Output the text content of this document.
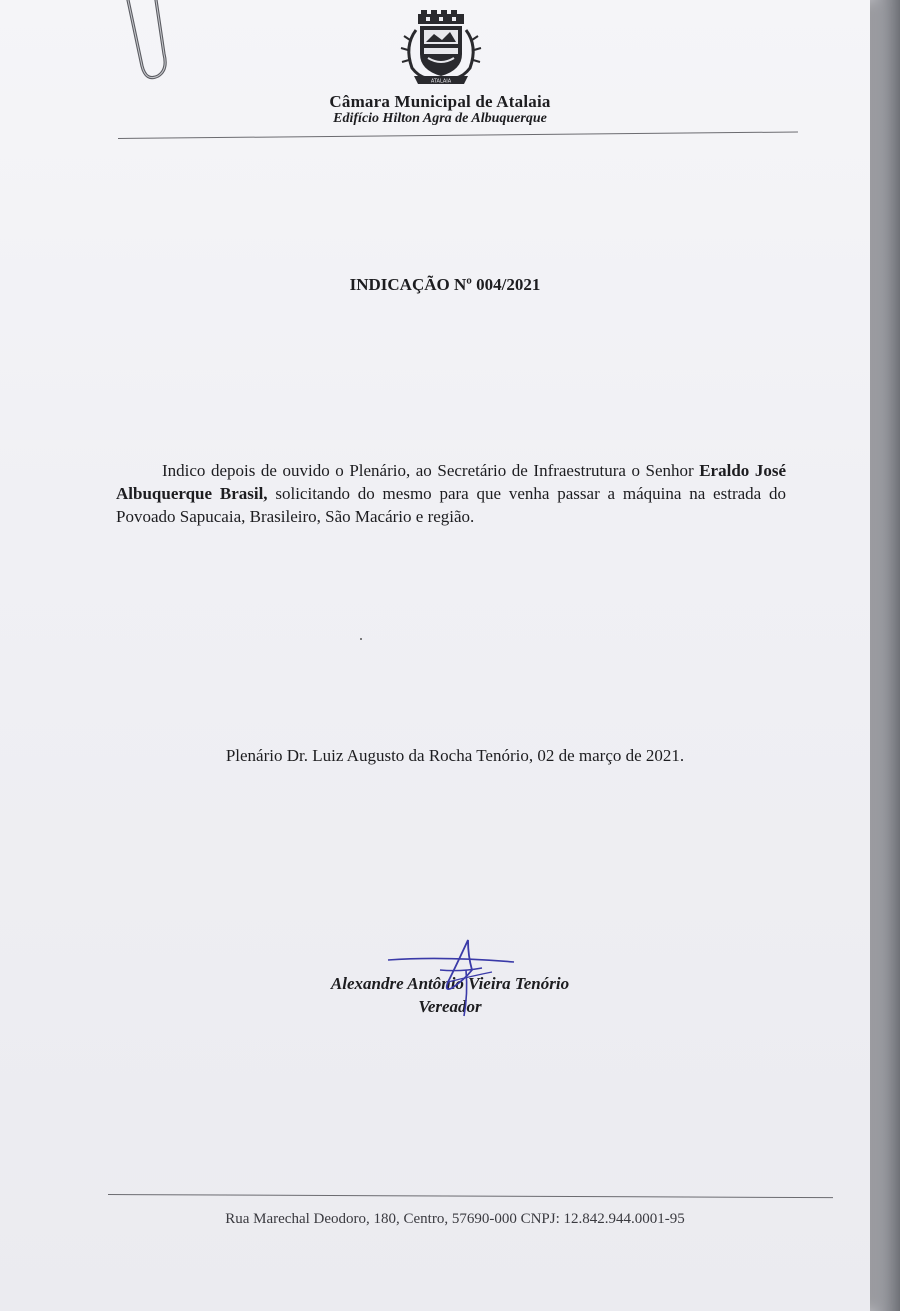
ATALAIA
Câmara Municipal de Atalaia
Edifício Hilton Agra de Albuquerque
INDICAÇÃO Nº 004/2021
Indico depois de ouvido o Plenário, ao Secretário de Infraestrutura o Senhor Eraldo José Albuquerque Brasil, solicitando do mesmo para que venha passar a máquina na estrada do Povoado Sapucaia, Brasileiro, São Macário e região.
Plenário Dr. Luiz Augusto da Rocha Tenório, 02 de março de 2021.
Alexandre Antônio Vieira Tenório
Vereador
Rua Marechal Deodoro, 180, Centro, 57690-000 CNPJ: 12.842.944.0001-95
